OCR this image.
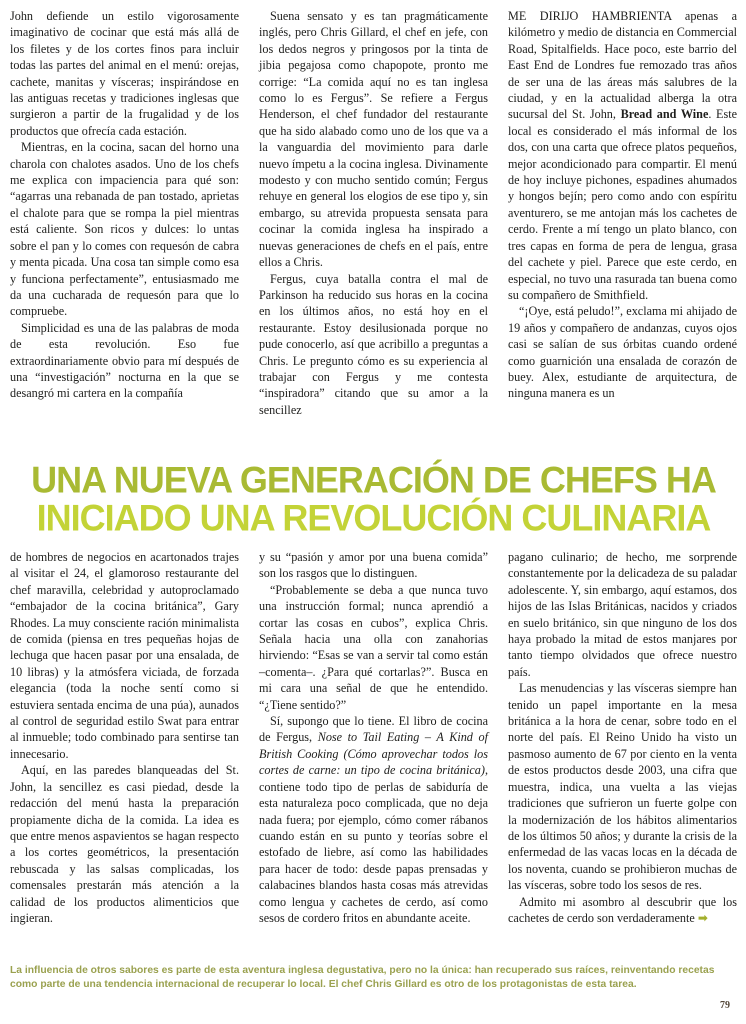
John defiende un estilo vigorosamente imaginativo de cocinar que está más allá de los filetes y de los cortes finos para incluir todas las partes del animal en el menú: orejas, cachete, manitas y vísceras; inspirándose en las antiguas recetas y tradiciones inglesas que surgieron a partir de la frugalidad y de los productos que ofrecía cada estación.

Mientras, en la cocina, sacan del horno una charola con chalotes asados. Uno de los chefs me explica con impaciencia para qué son: “agarras una rebanada de pan tostado, aprietas el chalote para que se rompa la piel mientras está caliente. Son ricos y dulces: lo untas sobre el pan y lo comes con requesón de cabra y menta picada. Una cosa tan simple como esa y funciona perfectamente”, entusiasmado me da una cucharada de requesón para que lo compruebe.

Simplicidad es una de las palabras de moda de esta revolución. Eso fue extraordinariamente obvio para mí después de una “investigación” nocturna en la que se desangró mi cartera en la compañía

Suena sensato y es tan pragmáticamente inglés, pero Chris Gillard, el chef en jefe, con los dedos negros y pringosos por la tinta de jibia pegajosa como chapopote, pronto me corrige: “La comida aquí no es tan inglesa como lo es Fergus”. Se refiere a Fergus Henderson, el chef fundador del restaurante que ha sido alabado como uno de los que va a la vanguardia del movimiento para darle nuevo ímpetu a la cocina inglesa. Divinamente modesto y con mucho sentido común; Fergus rehuye en general los elogios de ese tipo y, sin embargo, su atrevida propuesta sensata para cocinar la comida inglesa ha inspirado a nuevas generaciones de chefs en el país, entre ellos a Chris.

Fergus, cuya batalla contra el mal de Parkinson ha reducido sus horas en la cocina en los últimos años, no está hoy en el restaurante. Estoy desilusionada porque no pude conocerlo, así que acribillo a preguntas a Chris. Le pregunto cómo es su experiencia al trabajar con Fergus y me contesta “inspiradora” citando que su amor a la sencillez

ME DIRIJO HAMBRIENTA apenas a kilómetro y medio de distancia en Commercial Road, Spitalfields. Hace poco, este barrio del East End de Londres fue remozado tras años de ser una de las áreas más salubres de la ciudad, y en la actualidad alberga la otra sucursal del St. John, Bread and Wine. Este local es considerado el más informal de los dos, con una carta que ofrece platos pequeños, mejor acondicionado para compartir. El menú de hoy incluye pichones, espadines ahumados y hongos bejín; pero como ando con espíritu aventurero, se me antojan más los cachetes de cerdo. Frente a mí tengo un plato blanco, con tres capas en forma de pera de lengua, grasa del cachete y piel. Parece que este cerdo, en especial, no tuvo una rasurada tan buena como su compañero de Smithfield.

“¡Oye, está peludo!”, exclama mi ahijado de 19 años y compañero de andanzas, cuyos ojos casi se salían de sus órbitas cuando ordené como guarnición una ensalada de corazón de buey. Alex, estudiante de arquitectura, de ninguna manera es un

UNA NUEVA GENERACIÓN DE CHEFS HA
INICIADO UNA REVOLUCIÓN CULINARIA

de hombres de negocios en acartonados trajes al visitar el 24, el glamoroso restaurante del chef maravilla, celebridad y autoproclamado “embajador de la cocina británica”, Gary Rhodes. La muy consciente ración minimalista de comida (piensa en tres pequeñas hojas de lechuga que hacen pasar por una ensalada, de 10 libras) y la atmósfera viciada, de forzada elegancia (toda la noche sentí como si estuviera sentada encima de una púa), aunados al control de seguridad estilo Swat para entrar al inmueble; todo combinado para sentirse tan innecesario.

Aquí, en las paredes blanqueadas del St. John, la sencillez es casi piedad, desde la redacción del menú hasta la preparación propiamente dicha de la comida. La idea es que entre menos aspavientos se hagan respecto a los cortes geométricos, la presentación rebuscada y las salsas complicadas, los comensales prestarán más atención a la calidad de los productos alimenticios que ingieran.

y su “pasión y amor por una buena comida” son los rasgos que lo distinguen.

“Probablemente se deba a que nunca tuvo una instrucción formal; nunca aprendió a cortar las cosas en cubos”, explica Chris. Señala hacia una olla con zanahorias hirviendo: “Esas se van a servir tal como están –comenta–. ¿Para qué cortarlas?”. Busca en mi cara una señal de que he entendido. “¿Tiene sentido?”

Sí, supongo que lo tiene. El libro de cocina de Fergus, Nose to Tail Eating – A Kind of British Cooking (Cómo aprovechar todos los cortes de carne: un tipo de cocina británica), contiene todo tipo de perlas de sabiduría de esta naturaleza poco complicada, que no deja nada fuera; por ejemplo, cómo comer rábanos cuando están en su punto y teorías sobre el estofado de liebre, así como las habilidades para hacer de todo: desde papas prensadas y calabacines blandos hasta cosas más atrevidas como lengua y cachetes de cerdo, así como sesos de cordero fritos en abundante aceite.

pagano culinario; de hecho, me sorprende constantemente por la delicadeza de su paladar adolescente. Y, sin embargo, aquí estamos, dos hijos de las Islas Británicas, nacidos y criados en suelo británico, sin que ninguno de los dos haya probado la mitad de estos manjares por tanto tiempo olvidados que ofrece nuestro país.

Las menudencias y las vísceras siempre han tenido un papel importante en la mesa británica a la hora de cenar, sobre todo en el norte del país. El Reino Unido ha visto un pasmoso aumento de 67 por ciento en la venta de estos productos desde 2003, una cifra que muestra, indica, una vuelta a las viejas tradiciones que sufrieron un fuerte golpe con la modernización de los hábitos alimentarios de los últimos 50 años; y durante la crisis de la enfermedad de las vacas locas en la década de los noventa, cuando se prohibieron muchas de las vísceras, sobre todo los sesos de res.

Admito mi asombro al descubrir que los cachetes de cerdo son verdaderamente ➡

La influencia de otros sabores es parte de esta aventura inglesa degustativa, pero no la única: han recuperado sus raíces, reinventando recetas como parte de una tendencia internacional de recuperar lo local. El chef Chris Gillard es otro de los protagonistas de esta tarea.
79
